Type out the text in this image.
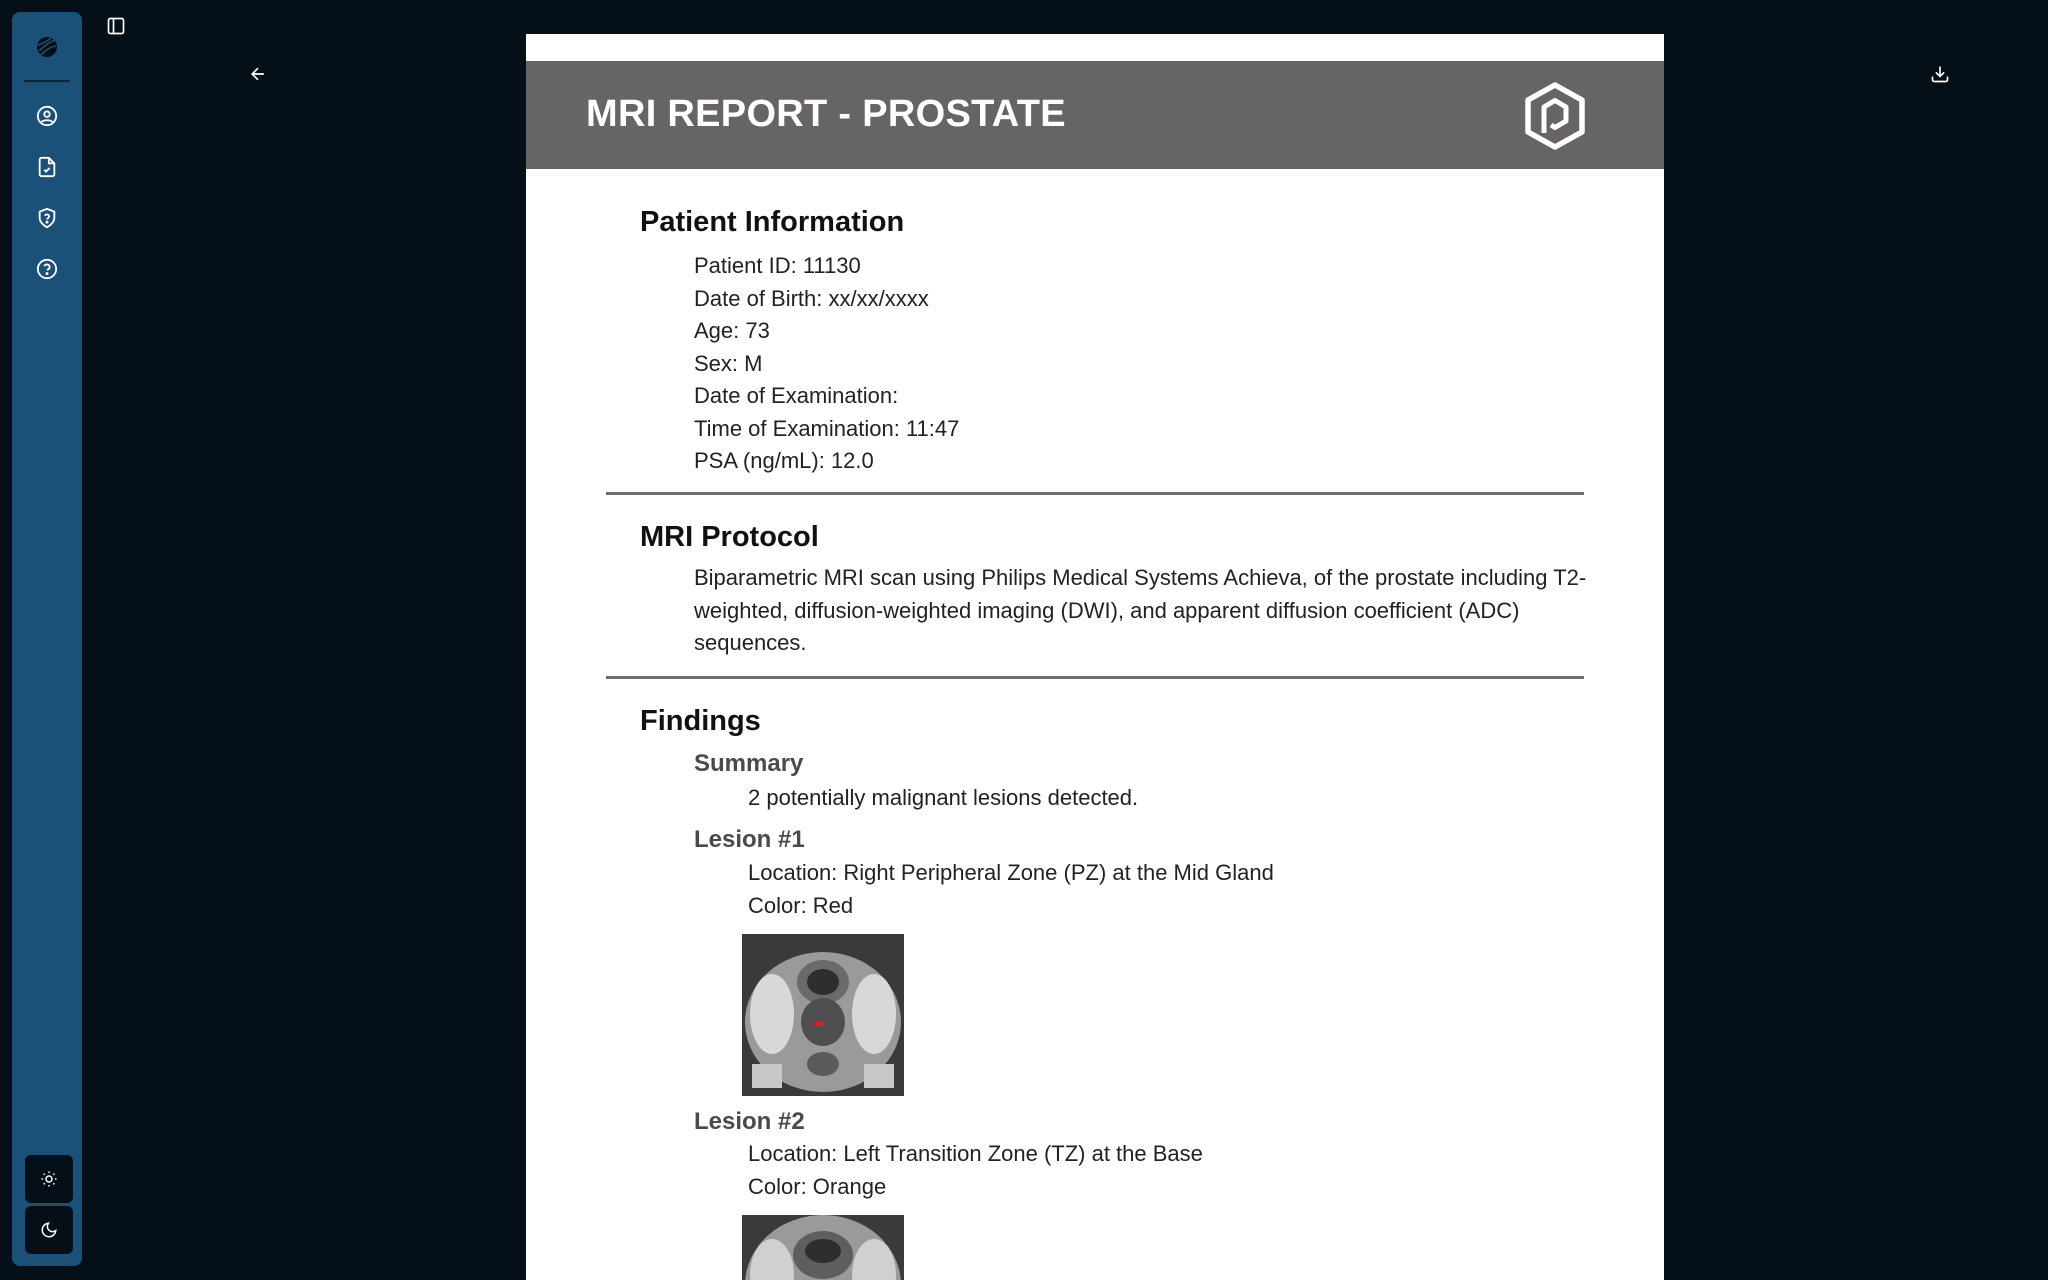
MRI REPORT - PROSTATE
Patient Information
Patient ID: 11130
Date of Birth: xx/xx/xxxx
Age: 73
Sex: M
Date of Examination:
Time of Examination: 11:47
PSA (ng/mL): 12.0
MRI Protocol
Biparametric MRI scan using Philips Medical Systems Achieva, of the prostate including T2-weighted, diffusion-weighted imaging (DWI), and apparent diffusion coefficient (ADC) sequences.
Findings
Summary
2 potentially malignant lesions detected.
Lesion #1
Location: Right Peripheral Zone (PZ) at the Mid Gland
Color: Red
Lesion #2
Location: Left Transition Zone (TZ) at the Base
Color: Orange
